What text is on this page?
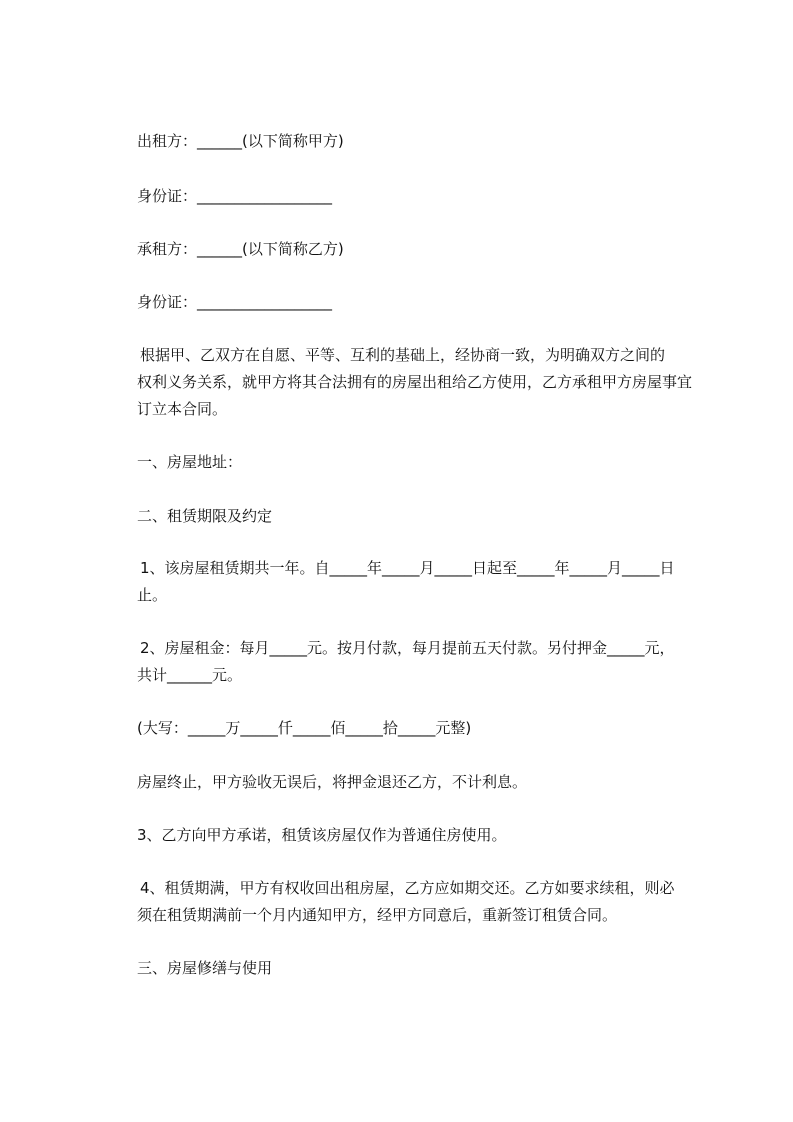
出租方：______(以下简称甲方)
身份证：__________________
承租方：______(以下简称乙方)
身份证：__________________
根据甲、乙双方在自愿、平等、互利的基础上，经协商一致，为明确双方之间的
权利义务关系，就甲方将其合法拥有的房屋出租给乙方使用，乙方承租甲方房屋事宜
订立本合同。
一、房屋地址：
二、租赁期限及约定
1、该房屋租赁期共一年。自_____年_____月_____日起至_____年_____月_____日
止。
2、房屋租金：每月_____元。按月付款，每月提前五天付款。另付押金_____元，
共计______元。
(大写：_____万_____仟_____佰_____拾_____元整)
房屋终止，甲方验收无误后，将押金退还乙方，不计利息。
3、乙方向甲方承诺，租赁该房屋仅作为普通住房使用。
4、租赁期满，甲方有权收回出租房屋，乙方应如期交还。乙方如要求续租，则必
须在租赁期满前一个月内通知甲方，经甲方同意后，重新签订租赁合同。
三、房屋修缮与使用
